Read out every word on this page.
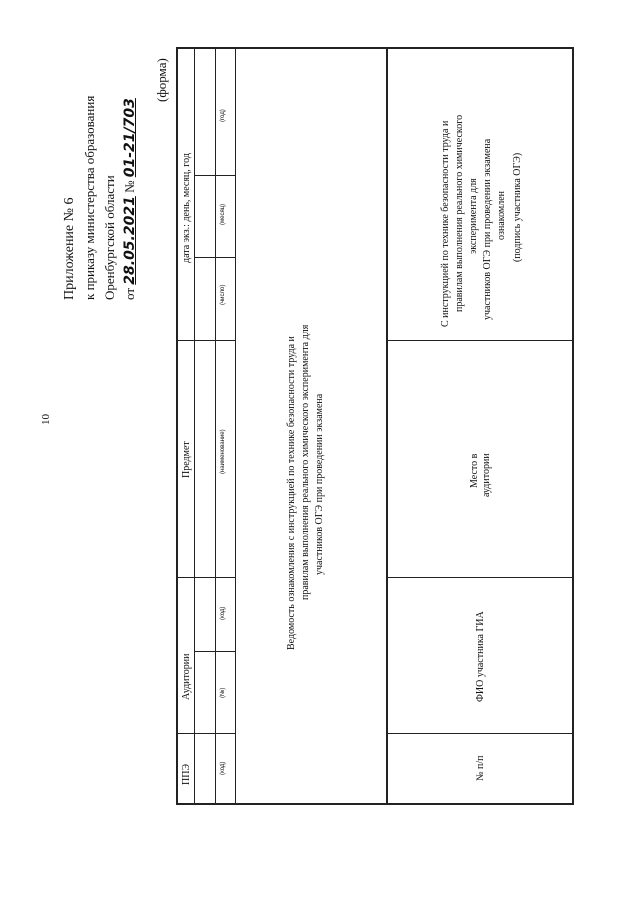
10
Приложение № 6 к приказу министерства образования Оренбургской области от 28.05.2021 № 01-21/703
(форма)
ППЭ
Аудитории
Предмет
дата экз.: день, месяц, год
(код)
(№)
(код)
(наименование)
(число)
(месяц)
(год)
Ведомость ознакомления с инструкцией по технике безопасности труда и правилам выполнения реального химического эксперимента для участников ОГЭ при проведении экзамена
№ п/п
ФИО участника ГИА
Место в аудитории
С инструкцией по технике безопасности труда и правилам выполнения реального химического эксперимента для участников ОГЭ при проведении экзамена ознакомлен (подпись участника ОГЭ)
